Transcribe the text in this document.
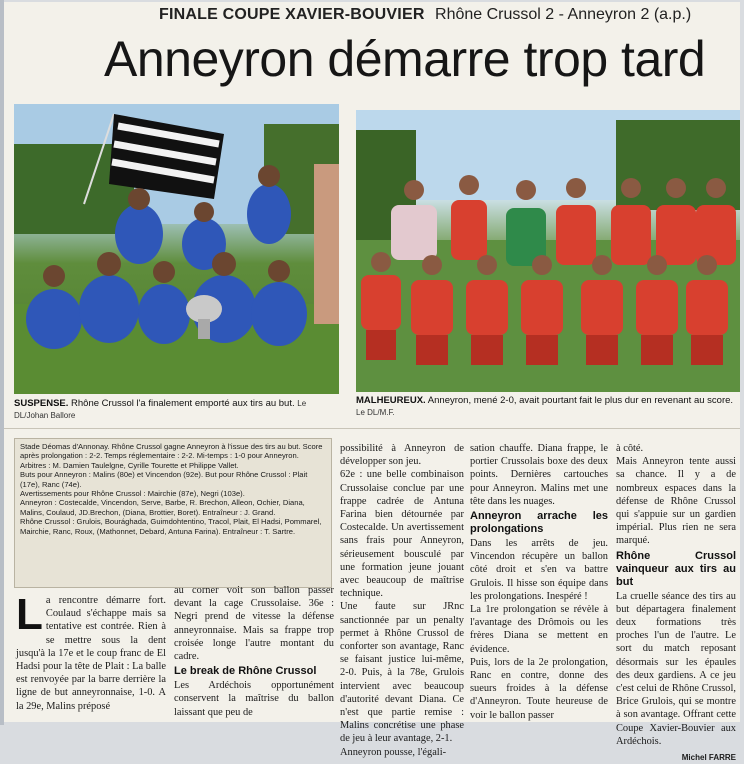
FINALE COUPE XAVIER-BOUVIER Rhône Crussol 2 - Anneyron 2 (a.p.)
Anneyron démarre trop tard
SUSPENSE. Rhône Crussol l'a finalement emporté aux tirs au but. Le DL/Johan Ballore
MALHEUREUX. Anneyron, mené 2-0, avait pourtant fait le plus dur en revenant au score.
Le DL/M.F.

Stade Déomas d'Annonay. Rhône Crussol gagne Anneyron à l'issue des tirs au but. Score après prolongation : 2-2. Temps réglementaire : 2-2. Mi-temps : 1-0 pour Anneyron.

Arbitres : M. Damien Taulelgne, Cyrille Tourette et Philippe Vallet.

Buts pour Anneyron : Malins (80e) et Vincendon (92e). But pour Rhône Crussol : Plait (17e), Ranc (74e).

Avertissements pour Rhône Crussol : Mairchie (87e), Negri (103e).

Anneyron : Costecalde, Vincendon, Serve, Barbe, R. Brechon, Alleon, Ochier, Diana, Malins, Coulaud, JD.Brechon, (Diana, Brottier, Boret). Entraîneur : J. Grand.

Rhône Crussol : Grulois, Bourághada, Guimdohtentino, Tracol, Plait, El Hadsi, Pommarel, Mairchie, Ranc, Roux, (Mathonnet, Debard, Antuna Farina). Entraîneur : T. Sartre.

La rencontre démarre fort. Coulaud s'échappe mais sa tentative est contrée. Rien à se mettre sous la dent jusqu'à la 17e et le coup franc de El Hadsi pour la tête de Plait : La balle est renvoyée par la barre derrière la ligne de but anneyronnaise, 1-0. A la 29e, Malins préposé

au corner voit son ballon passer devant la cage Crussolaise. 36e : Negri prend de vitesse la défense anneyronnaise. Mais sa frappe trop croisée longe l'autre montant du cadre.

Le break de Rhône Crussol

Les Ardéchois opportunément conservent la maîtrise du ballon laissant que peu de

possibilité à Anneyron de développer son jeu.

62e : une belle combinaison Crussolaise conclue par une frappe cadrée de Antuna Farina bien détournée par Costecalde. Un avertissement sans frais pour Anneyron, sérieusement bousculé par une formation jeune jouant avec beaucoup de maîtrise technique.

Une faute sur JRnc sanctionnée par un penalty permet à Rhône Crussol de conforter son avantage, Ranc se faisant justice lui-même, 2-0. Puis, à la 78e, Grulois intervient avec beaucoup d'autorité devant Diana. Ce n'est que partie remise : Malins concrétise une phase de jeu à leur avantage, 2-1.

Anneyron pousse, l'égali-

sation chauffe. Diana frappe, le portier Crussolais boxe des deux points. Dernières cartouches pour Anneyron. Malins met une tête dans les nuages.

Anneyron arrache les prolongations

Dans les arrêts de jeu. Vincendon récupère un ballon côté droit et s'en va battre Grulois. Il hisse son équipe dans les prolongations. Inespéré !

La 1re prolongation se révèle à l'avantage des Drômois ou les frères Diana se mettent en évidence.

Puis, lors de la 2e prolongation, Ranc en contre, donne des sueurs froides à la défense d'Anneyron. Toute heureuse de voir le ballon passer

à côté.

Mais Anneyron tente aussi sa chance. Il y a de nombreux espaces dans la défense de Rhône Crussol qui s'appuie sur un gardien impérial. Plus rien ne sera marqué.

Rhône Crussol vainqueur aux tirs au but

La cruelle séance des tirs au but départagera finalement deux formations très proches l'un de l'autre. Le sort du match reposant désormais sur les épaules des deux gardiens. A ce jeu c'est celui de Rhône Crussol, Brice Grulois, qui se montre à son avantage. Offrant cette Coupe Xavier-Bouvier aux Ardéchois.

Michel FARRE
